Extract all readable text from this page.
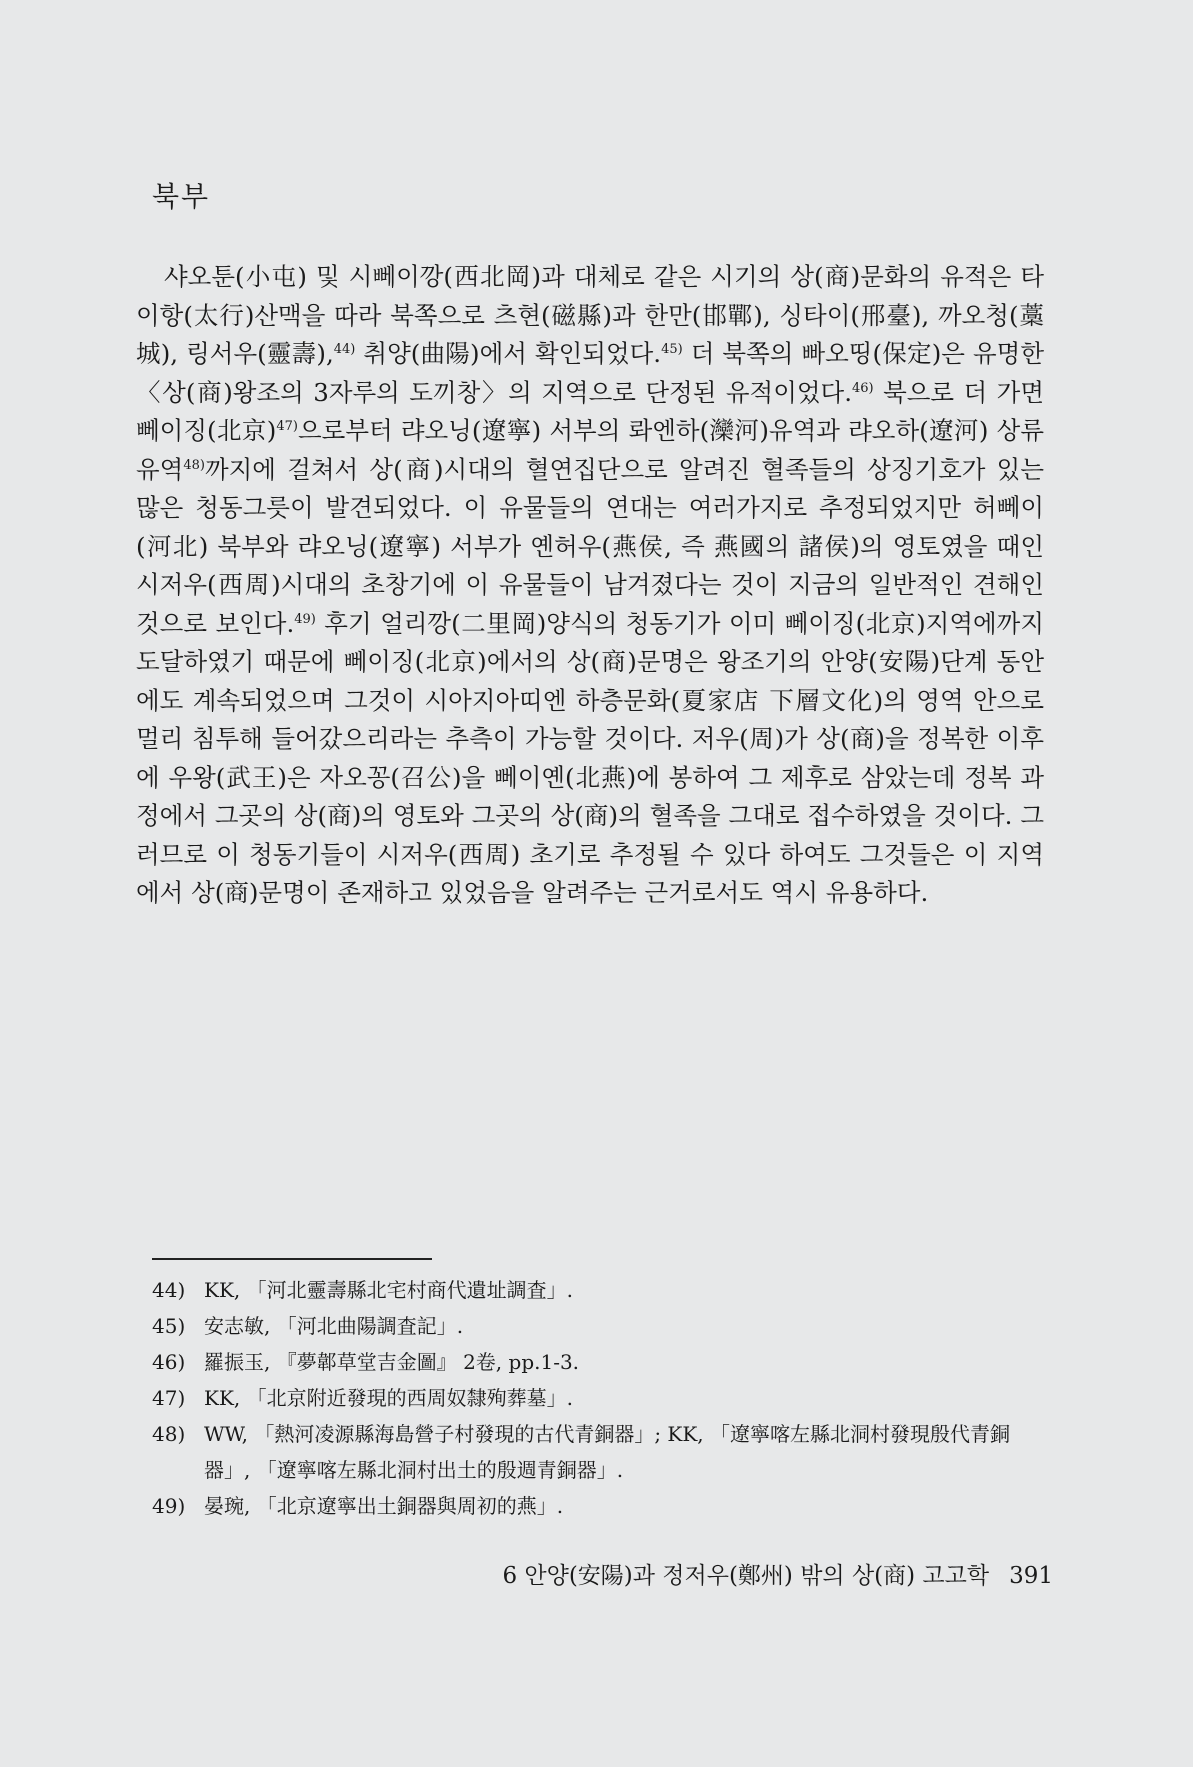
북부

샤오툰(小屯) 및 시뻬이깡(西北岡)과 대체로 같은 시기의 상(商)문화의 유적은 타이항(太行)산맥을 따라 북쪽으로 츠현(磁縣)과 한만(邯鄲), 싱타이(邢臺), 까오청(藁城), 링서우(靈壽),$^{44)}$ 취양(曲陽)에서 확인되었다.$^{45)}$ 더 북쪽의 빠오띵(保定)은 유명한 〈상(商)왕조의 3자루의 도끼창〉의 지역으로 단정된 유적이었다.$^{46)}$ 북으로 더 가면 뻬이징(北京)$^{47)}$으로부터 랴오닝(遼寧) 서부의 롸엔하(灤河)유역과 랴오하(遼河) 상류유역$^{48)}$까지에 걸쳐서 상(商)시대의 혈연집단으로 알려진 혈족들의 상징기호가 있는 많은 청동그릇이 발견되었다. 이 유물들의 연대는 여러가지로 추정되었지만 허뻬이(河北) 북부와 랴오닝(遼寧) 서부가 옌허우(燕侯, 즉 燕國의 諸侯)의 영토였을 때인 시저우(西周)시대의 초창기에 이 유물들이 남겨졌다는 것이 지금의 일반적인 견해인 것으로 보인다.$^{49)}$ 후기 얼리깡(二里岡)양식의 청동기가 이미 뻬이징(北京)지역에까지 도달하였기 때문에 뻬이징(北京)에서의 상(商)문명은 왕조기의 안양(安陽)단계 동안에도 계속되었으며 그것이 시아지아띠엔 하층문화(夏家店 下層文化)의 영역 안으로 멀리 침투해 들어갔으리라는 추측이 가능할 것이다. 저우(周)가 상(商)을 정복한 이후에 우왕(武王)은 자오꽁(召公)을 뻬이옌(北燕)에 봉하여 그 제후로 삼았는데 정복 과정에서 그곳의 상(商)의 영토와 그곳의 상(商)의 혈족을 그대로 접수하였을 것이다. 그러므로 이 청동기들이 시저우(西周) 초기로 추정될 수 있다 하여도 그것들은 이 지역에서 상(商)문명이 존재하고 있었음을 알려주는 근거로서도 역시 유용하다.

44) KK, 「河北靈壽縣北宅村商代遺址調査」.
45) 安志敏, 「河北曲陽調査記」.
46) 羅振玉, 『夢郼草堂吉金圖』 2卷, pp.1-3.
47) KK, 「北京附近發現的西周奴隸殉葬墓」.
48) WW, 「熱河凌源縣海島營子村發現的古代青銅器」; KK, 「遼寧喀左縣北洞村發現殷代青銅器」, 「遼寧喀左縣北洞村出土的殷週青銅器」.
49) 晏琬, 「北京遼寧出土銅器與周初的燕」.

6 안양(安陽)과 정저우(鄭州) 밖의 상(商) 고고학 391
